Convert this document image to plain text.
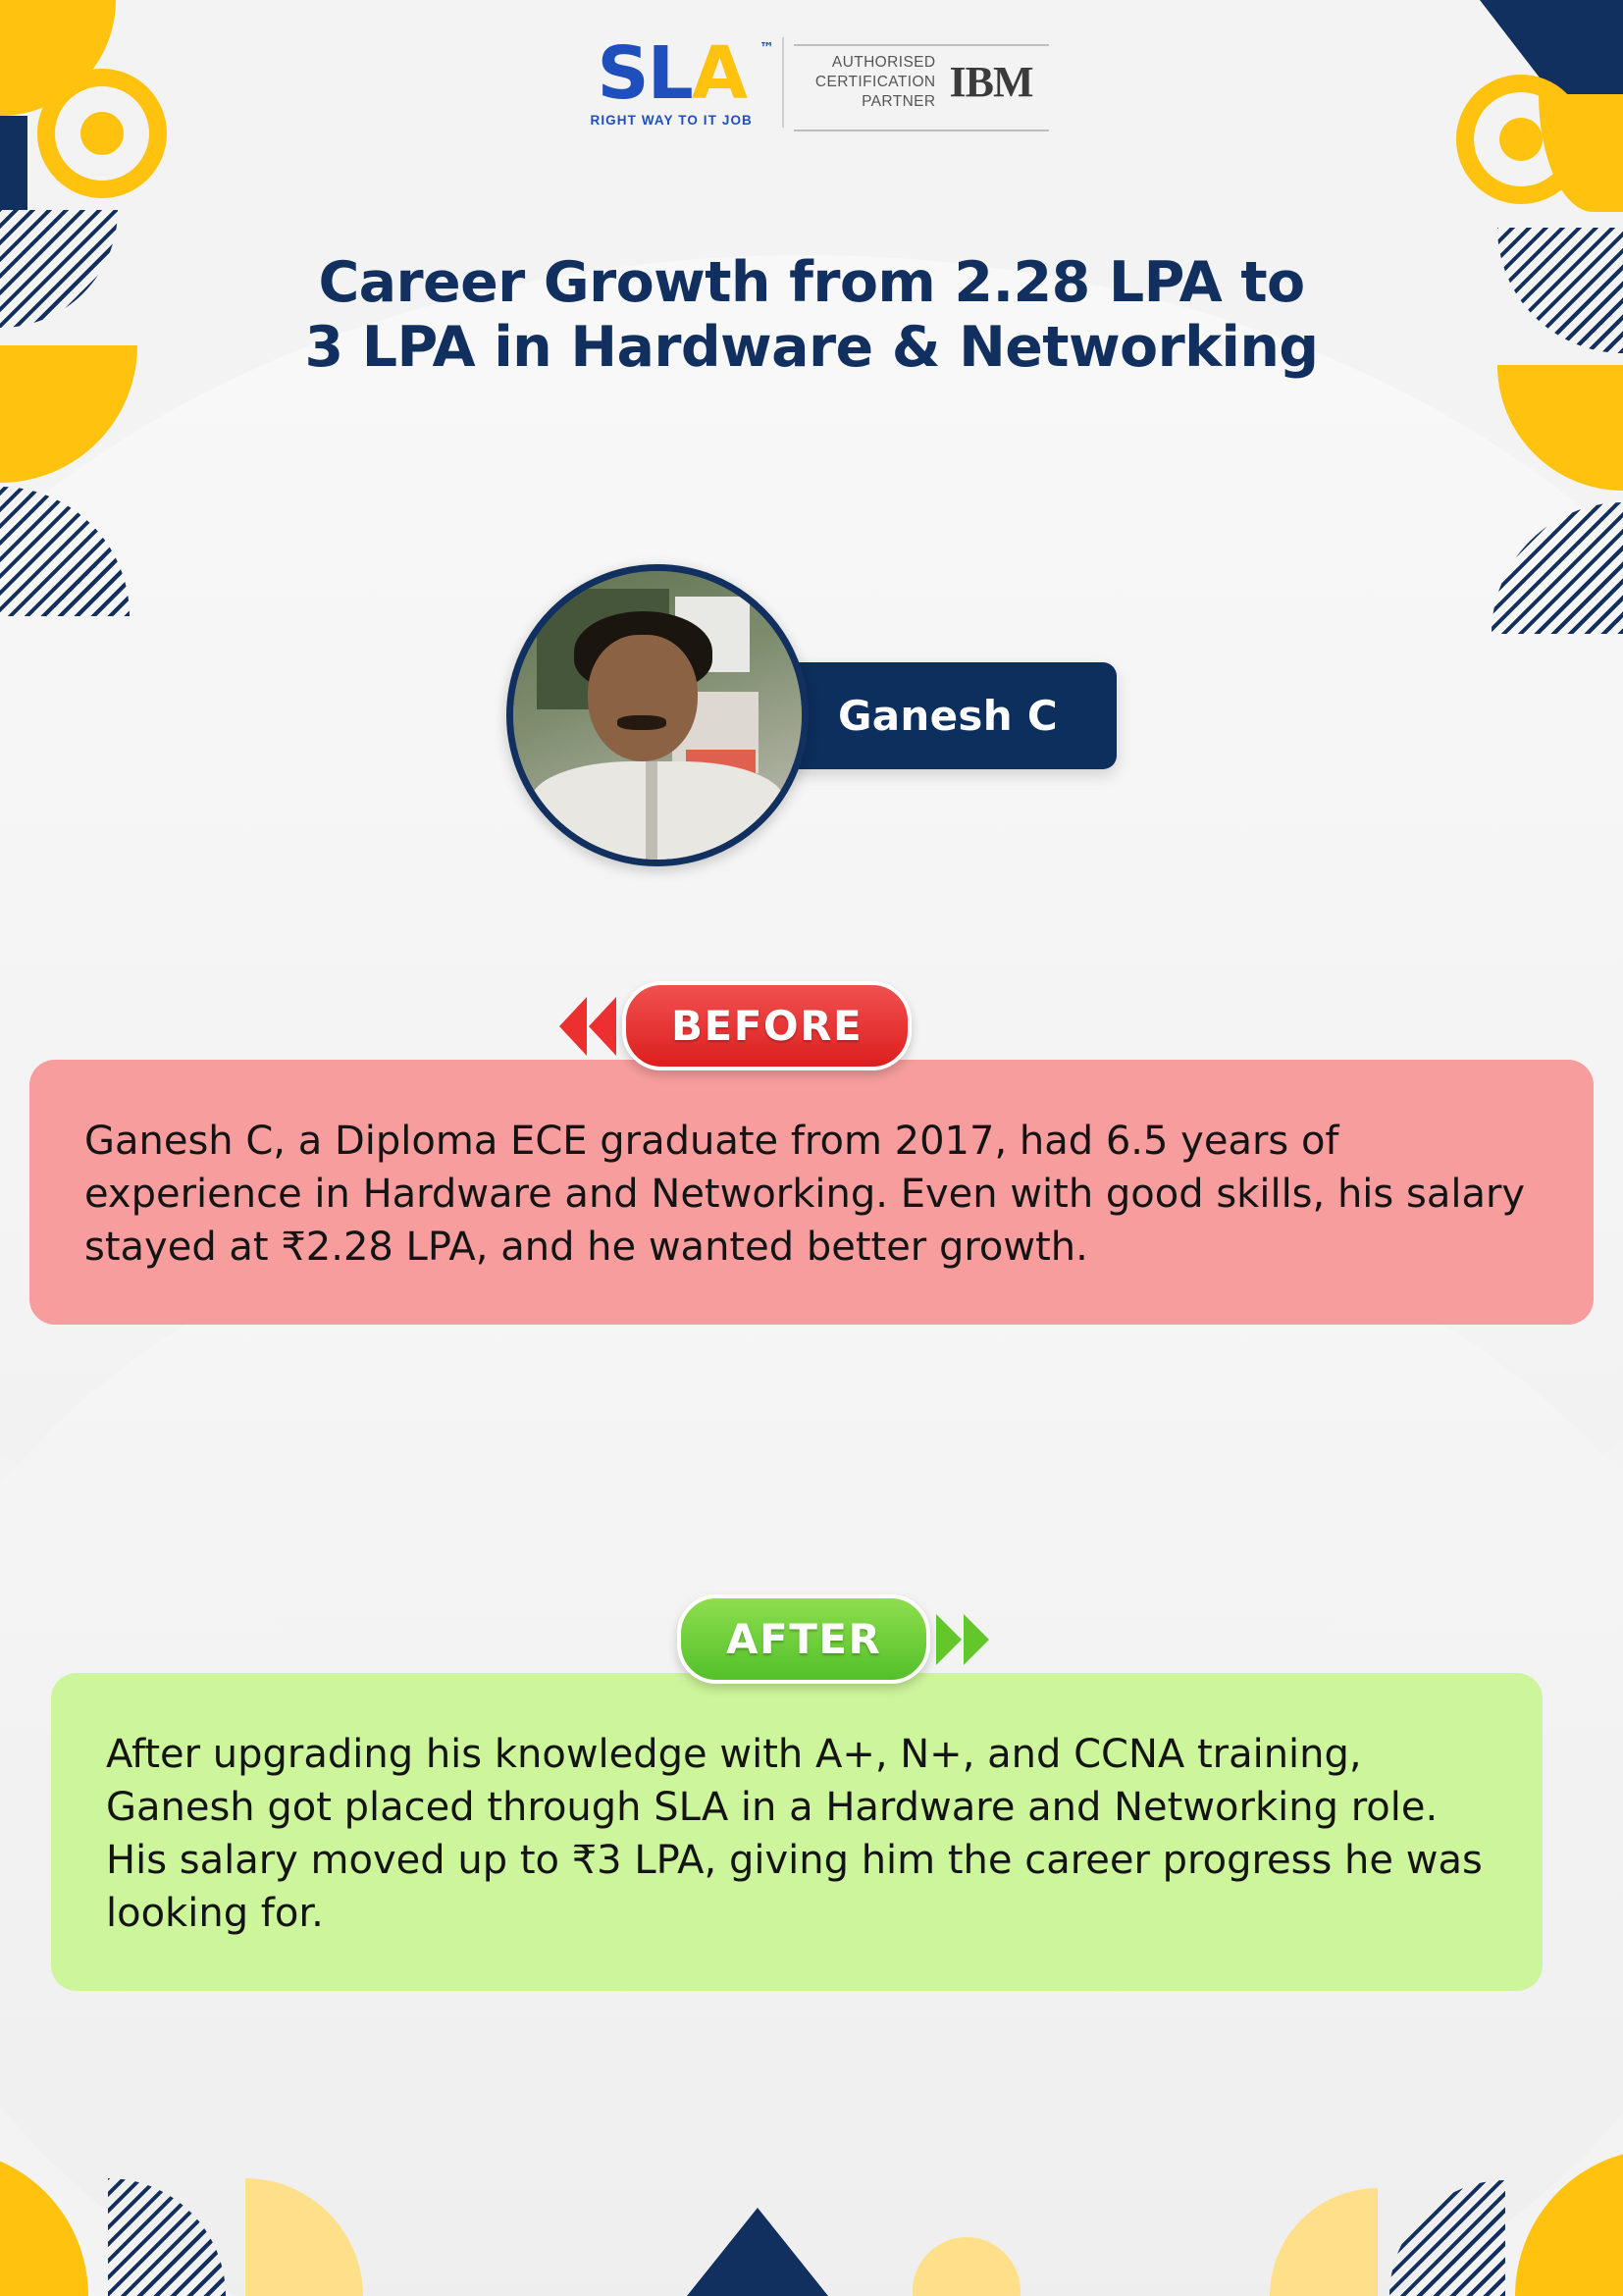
SLA ™
RIGHT WAY TO IT JOB
AUTHORISED
CERTIFICATION
PARTNER IBM
Career Growth from 2.28 LPA to
3 LPA in Hardware & Networking
Ganesh C
BEFORE
Ganesh C, a Diploma ECE graduate from 2017, had 6.5 years of experience in Hardware and Networking. Even with good skills, his salary stayed at ₹2.28 LPA, and he wanted better growth.
AFTER
After upgrading his knowledge with A+, N+, and CCNA training, Ganesh got placed through SLA in a Hardware and Networking role. His salary moved up to ₹3 LPA, giving him the career progress he was looking for.
